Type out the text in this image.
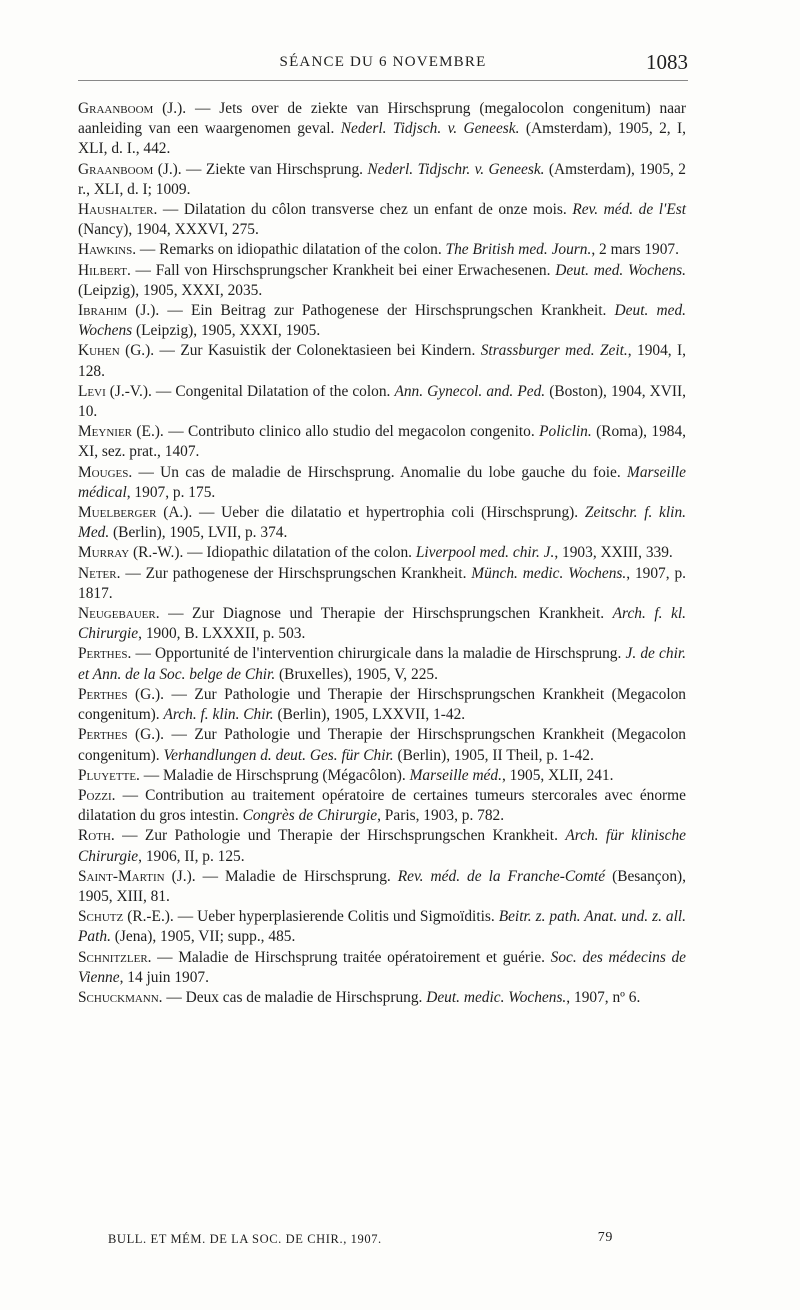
SÉANCE DU 6 NOVEMBRE	1083

Graanboom (J.). — Jets over de ziekte van Hirschsprung (megalocolon congenitum) naar aanleiding van een waargenomen geval. Nederl. Tidjsch. v. Geneesk. (Amsterdam), 1905, 2, I, XLI, d. I., 442.

Graanboom (J.). — Ziekte van Hirschsprung. Nederl. Tidjschr. v. Geneesk. (Amsterdam), 1905, 2 r., XLI, d. I; 1009.

Haushalter. — Dilatation du côlon transverse chez un enfant de onze mois. Rev. méd. de l'Est (Nancy), 1904, XXXVI, 275.

Hawkins. — Remarks on idiopathic dilatation of the colon. The British med. Journ., 2 mars 1907.

Hilbert. — Fall von Hirschsprungscher Krankheit bei einer Erwachesenen. Deut. med. Wochens. (Leipzig), 1905, XXXI, 2035.

Ibrahim (J.). — Ein Beitrag zur Pathogenese der Hirschsprungschen Krankheit. Deut. med. Wochens (Leipzig), 1905, XXXI, 1905.

Kuhen (G.). — Zur Kasuistik der Colonektasieen bei Kindern. Strassburger med. Zeit., 1904, I, 128.

Levi (J.-V.). — Congenital Dilatation of the colon. Ann. Gynecol. and. Ped. (Boston), 1904, XVII, 10.

Meynier (E.). — Contributo clinico allo studio del megacolon congenito. Policlin. (Roma), 1984, XI, sez. prat., 1407.

Mouges. — Un cas de maladie de Hirschsprung. Anomalie du lobe gauche du foie. Marseille médical, 1907, p. 175.

Muelberger (A.). — Ueber die dilatatio et hypertrophia coli (Hirschsprung). Zeitschr. f. klin. Med. (Berlin), 1905, LVII, p. 374.

Murray (R.-W.). — Idiopathic dilatation of the colon. Liverpool med. chir. J., 1903, XXIII, 339.

Neter. — Zur pathogenese der Hirschsprungschen Krankheit. Münch. medic. Wochens., 1907, p. 1817.

Neugebauer. — Zur Diagnose und Therapie der Hirschsprungschen Krankheit. Arch. f. kl. Chirurgie, 1900, B. LXXXII, p. 503.

Perthes. — Opportunité de l'intervention chirurgicale dans la maladie de Hirschsprung. J. de chir. et Ann. de la Soc. belge de Chir. (Bruxelles), 1905, V, 225.

Perthes (G.). — Zur Pathologie und Therapie der Hirschsprungschen Krankheit (Megacolon congenitum). Arch. f. klin. Chir. (Berlin), 1905, LXXVII, 1-42.

Perthes (G.). — Zur Pathologie und Therapie der Hirschsprungschen Krankheit (Megacolon congenitum). Verhandlungen d. deut. Ges. für Chir. (Berlin), 1905, II Theil, p. 1-42.

Pluyette. — Maladie de Hirschsprung (Mégacôlon). Marseille méd., 1905, XLII, 241.

Pozzi. — Contribution au traitement opératoire de certaines tumeurs stercorales avec énorme dilatation du gros intestin. Congrès de Chirurgie, Paris, 1903, p. 782.

Roth. — Zur Pathologie und Therapie der Hirschsprungschen Krankheit. Arch. für klinische Chirurgie, 1906, II, p. 125.

Saint-Martin (J.). — Maladie de Hirschsprung. Rev. méd. de la Franche-Comté (Besançon), 1905, XIII, 81.

Schutz (R.-E.). — Ueber hyperplasierende Colitis und Sigmoïditis. Beitr. z. path. Anat. und. z. all. Path. (Jena), 1905, VII; supp., 485.

Schnitzler. — Maladie de Hirschsprung traitée opératoirement et guérie. Soc. des médecins de Vienne, 14 juin 1907.

Schuckmann. — Deux cas de maladie de Hirschsprung. Deut. medic. Wochens., 1907, nº 6.

BULL. ET MÉM. DE LA SOC. DE CHIR., 1907.	79
